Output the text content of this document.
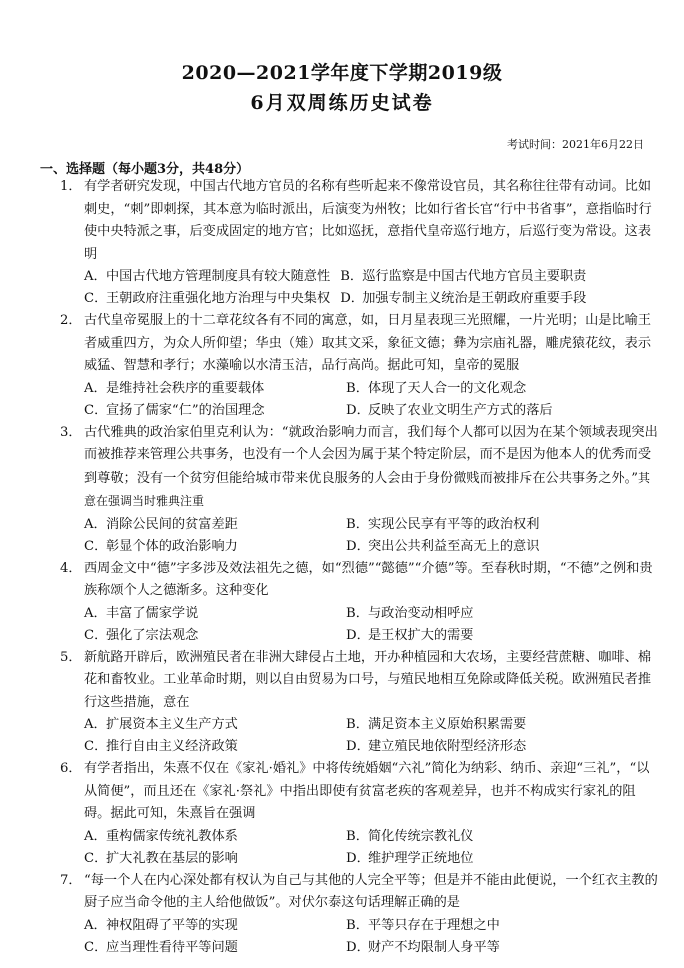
2020—2021学年度下学期2019级
6月双周练历史试卷
考试时间：2021年6月22日
一、选择题（每小题3分，共48分）

1． 有学者研究发现，中国古代地方官员的名称有些听起来不像常设官员，其名称往往带有动词。比如刺史，“刺”即刺探，其本意为临时派出，后演变为州牧；比如行省长官“行中书省事”，意指临时行使中央特派之事，后变成固定的地方官；比如巡抚，意指代皇帝巡行地方，后巡行变为常设。这表明

A．中国古代地方管理制度具有较大随意性 B．巡行监察是中国古代地方官员主要职责
C．王朝政府注重强化地方治理与中央集权 D．加强专制主义统治是王朝政府重要手段

2． 古代皇帝冕服上的十二章花纹各有不同的寓意，如，日月星表现三光照耀，一片光明；山是比喻王者威重四方，为众人所仰望；华虫（雉）取其文采，象征文德；彝为宗庙礼器，雕虎猿花纹，表示威猛、智慧和孝行；水藻喻以水清玉洁，品行高尚。据此可知，皇帝的冕服

A．是维持社会秩序的重要载体	B．体现了天人合一的文化观念
C．宣扬了儒家“仁”的治国理念	D．反映了农业文明生产方式的落后

3． 古代雅典的政治家伯里克利认为：“就政治影响力而言，我们每个人都可以因为在某个领域表现突出而被推荐来管理公共事务，也没有一个人会因为属于某个特定阶层，而不是因为他本人的优秀而受到尊敬；没有一个贫穷但能给城市带来优良服务的人会由于身份微贱而被排斥在公共事务之外。”其意在强调当时雅典注重

A．消除公民间的贫富差距	B．实现公民享有平等的政治权利
C．彰显个体的政治影响力	D．突出公共利益至高无上的意识

4． 西周金文中“德”字多涉及效法祖先之德，如“烈德”“懿德”“介德”等。至春秋时期，“不德”之例和贵族称颂个人之德渐多。这种变化

A．丰富了儒家学说	B．与政治变动相呼应
C．强化了宗法观念	D．是王权扩大的需要

5． 新航路开辟后，欧洲殖民者在非洲大肆侵占土地，开办种植园和大农场，主要经营蔗糖、咖啡、棉花和畜牧业。工业革命时期，则以自由贸易为口号，与殖民地相互免除或降低关税。欧洲殖民者推行这些措施，意在

A．扩展资本主义生产方式	B．满足资本主义原始积累需要
C．推行自由主义经济政策	D．建立殖民地依附型经济形态

6． 有学者指出，朱熹不仅在《家礼·婚礼》中将传统婚姻“六礼”简化为纳彩、纳币、亲迎“三礼”，“以从简便”，而且还在《家礼·祭礼》中指出即使有贫富老疾的客观差异，也并不构成实行家礼的阻碍。据此可知，朱熹旨在强调

A．重构儒家传统礼教体系	B．简化传统宗教礼仪
C．扩大礼教在基层的影响	D．维护理学正统地位

7． “每一个人在内心深处都有权认为自己与其他的人完全平等；但是并不能由此便说，一个红衣主教的厨子应当命令他的主人给他做饭”。对伏尔泰这句话理解正确的是

A．神权阻碍了平等的实现	B．平等只存在于理想之中
C．应当理性看待平等问题	D．财产不均限制人身平等
